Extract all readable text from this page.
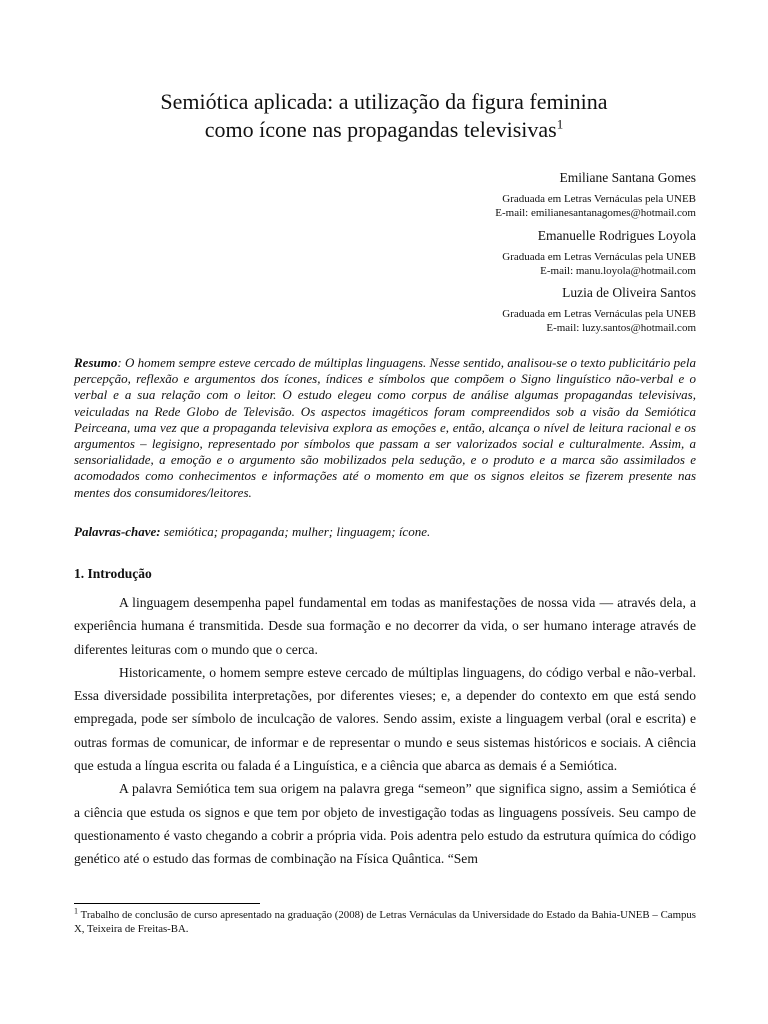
Semiótica aplicada: a utilização da figura feminina
como ícone nas propagandas televisivas$^1$
Emiliane Santana Gomes
Graduada em Letras Vernáculas pela UNEB
E-mail: emilianesantanagomes@hotmail.com
Emanuelle Rodrigues Loyola
Graduada em Letras Vernáculas pela UNEB
E-mail: manu.loyola@hotmail.com
Luzia de Oliveira Santos
Graduada em Letras Vernáculas pela UNEB
E-mail: luzy.santos@hotmail.com
Resumo: O homem sempre esteve cercado de múltiplas linguagens. Nesse sentido, analisou-se o texto publicitário pela percepção, reflexão e argumentos dos ícones, índices e símbolos que compõem o Signo linguístico não-verbal e o verbal e a sua relação com o leitor. O estudo elegeu como corpus de análise algumas propagandas televisivas, veiculadas na Rede Globo de Televisão. Os aspectos imagéticos foram compreendidos sob a visão da Semiótica Peirceana, uma vez que a propaganda televisiva explora as emoções e, então, alcança o nível de leitura racional e os argumentos – legisigno, representado por símbolos que passam a ser valorizados social e culturalmente. Assim, a sensorialidade, a emoção e o argumento são mobilizados pela sedução, e o produto e a marca são assimilados e acomodados como conhecimentos e informações até o momento em que os signos eleitos se fizerem presente nas mentes dos consumidores/leitores.
Palavras-chave: semiótica; propaganda; mulher; linguagem; ícone.
1. Introdução

A linguagem desempenha papel fundamental em todas as manifestações de nossa vida — através dela, a experiência humana é transmitida. Desde sua formação e no decorrer da vida, o ser humano interage através de diferentes leituras com o mundo que o cerca.

Historicamente, o homem sempre esteve cercado de múltiplas linguagens, do código verbal e não-verbal. Essa diversidade possibilita interpretações, por diferentes vieses; e, a depender do contexto em que está sendo empregada, pode ser símbolo de inculcação de valores. Sendo assim, existe a linguagem verbal (oral e escrita) e outras formas de comunicar, de informar e de representar o mundo e seus sistemas históricos e sociais. A ciência que estuda a língua escrita ou falada é a Linguística, e a ciência que abarca as demais é a Semiótica.

A palavra Semiótica tem sua origem na palavra grega “semeon” que significa signo, assim a Semiótica é a ciência que estuda os signos e que tem por objeto de investigação todas as linguagens possíveis. Seu campo de questionamento é vasto chegando a cobrir a própria vida. Pois adentra pelo estudo da estrutura química do código genético até o estudo das formas de combinação na Física Quântica. “Sem

$^1$ Trabalho de conclusão de curso apresentado na graduação (2008) de Letras Vernáculas da Universidade do Estado da Bahia-UNEB – Campus X, Teixeira de Freitas-BA.
